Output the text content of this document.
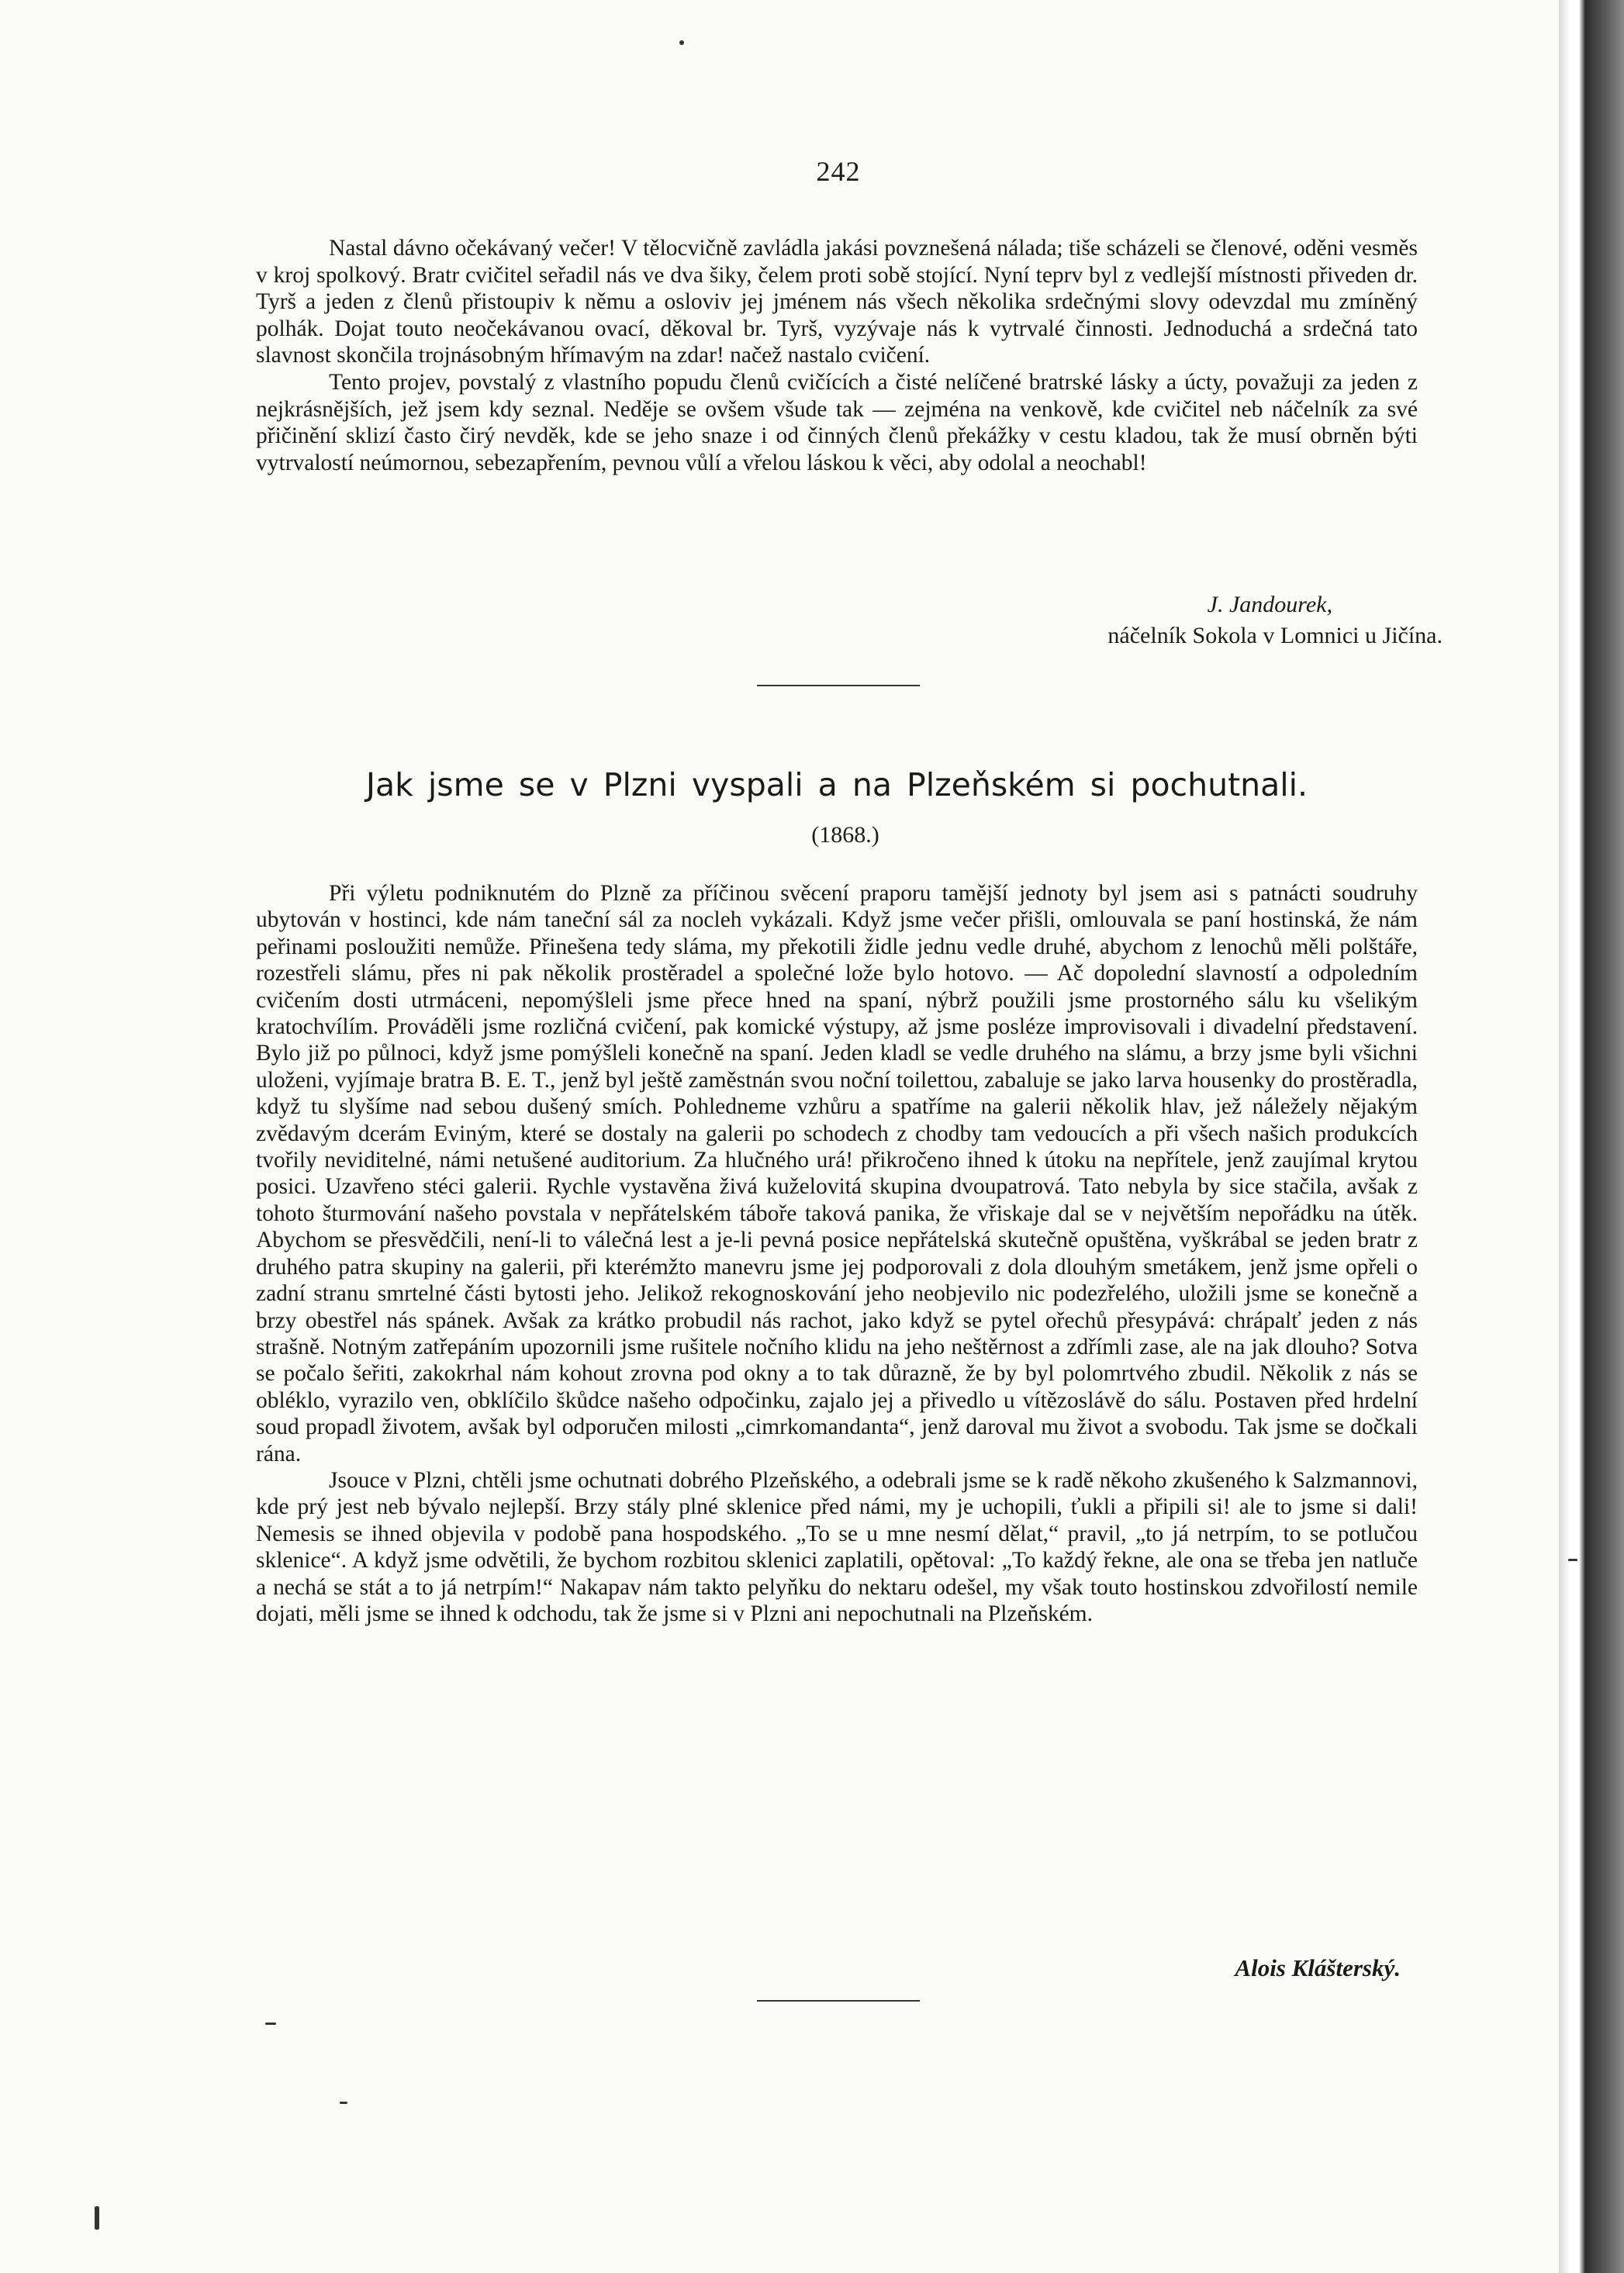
242

Nastal dávno očekávaný večer! V tělocvičně zavládla jakási povznešená nálada; tiše scházeli se členové, oděni vesměs v kroj spolkový. Bratr cvičitel seřadil nás ve dva šiky, čelem proti sobě stojící. Nyní teprv byl z vedlejší místnosti přiveden dr. Tyrš a jeden z členů přistoupiv k němu a osloviv jej jménem nás všech několika srdečnými slovy odevzdal mu zmíněný polhák. Dojat touto neočekávanou ovací, děkoval br. Tyrš, vyzývaje nás k vytrvalé činnosti. Jednoduchá a srdečná tato slavnost skončila trojnásobným hřímavým na zdar! načež nastalo cvičení.

Tento projev, povstalý z vlastního popudu členů cvičících a čisté nelíčené bratrské lásky a úcty, považuji za jeden z nejkrásnějších, jež jsem kdy seznal. Neděje se ovšem všude tak — zejména na venkově, kde cvičitel neb náčelník za své přičinění sklizí často čirý nevděk, kde se jeho snaze i od činných členů překážky v cestu kladou, tak že musí obrněn býti vytrvalostí neúmornou, sebezapřením, pevnou vůlí a vřelou láskou k věci, aby odolal a neochabl!

J. Jandourek,
náčelník Sokola v Lomnici u Jičína.
Jak jsme se v Plzni vyspali a na Plzeňském si pochutnali.
(1868.)

Při výletu podniknutém do Plzně za příčinou svěcení praporu tamější jednoty byl jsem asi s patnácti soudruhy ubytován v hostinci, kde nám taneční sál za nocleh vykázali. Když jsme večer přišli, omlouvala se paní hostinská, že nám peřinami posloužiti nemůže. Přinešena tedy sláma, my překotili židle jednu vedle druhé, abychom z lenochů měli polštáře, rozestřeli slámu, přes ni pak několik prostěradel a společné lože bylo hotovo. — Ač dopolední slavností a odpoledním cvičením dosti utrmáceni, nepomýšleli jsme přece hned na spaní, nýbrž použili jsme prostorného sálu ku všelikým kratochvílím. Prováděli jsme rozličná cvičení, pak komické výstupy, až jsme posléze improvisovali i divadelní představení. Bylo již po půlnoci, když jsme pomýšleli konečně na spaní. Jeden kladl se vedle druhého na slámu, a brzy jsme byli všichni uloženi, vyjímaje bratra B. E. T., jenž byl ještě zaměstnán svou noční toilettou, zabaluje se jako larva housenky do prostěradla, když tu slyšíme nad sebou dušený smích. Pohledneme vzhůru a spatříme na galerii několik hlav, jež náležely nějakým zvědavým dcerám Eviným, které se dostaly na galerii po schodech z chodby tam vedoucích a při všech našich produkcích tvořily neviditelné, námi netušené auditorium. Za hlučného urá! přikročeno ihned k útoku na nepřítele, jenž zaujímal krytou posici. Uzavřeno stéci galerii. Rychle vystavěna živá kuželovitá skupina dvoupatrová. Tato nebyla by sice stačila, avšak z tohoto šturmování našeho povstala v nepřátelském táboře taková panika, že vřiskaje dal se v největším nepořádku na útěk. Abychom se přesvědčili, není-li to válečná lest a je-li pevná posice nepřátelská skutečně opuštěna, vyškrábal se jeden bratr z druhého patra skupiny na galerii, při kterémžto manevru jsme jej podporovali z dola dlouhým smetákem, jenž jsme opřeli o zadní stranu smrtelné části bytosti jeho. Jelikož rekognoskování jeho neobjevilo nic podezřelého, uložili jsme se konečně a brzy obestřel nás spánek. Avšak za krátko probudil nás rachot, jako když se pytel ořechů přesypává: chrápalť jeden z nás strašně. Notným zatřepáním upozornili jsme rušitele nočního klidu na jeho neštěrnost a zdřímli zase, ale na jak dlouho? Sotva se počalo šeřiti, zakokrhal nám kohout zrovna pod okny a to tak důrazně, že by byl polomrtvého zbudil. Několik z nás se obléklo, vyrazilo ven, obklíčilo škůdce našeho odpočinku, zajalo jej a přivedlo u vítězoslávě do sálu. Postaven před hrdelní soud propadl životem, avšak byl odporučen milosti „cimrkomandanta“, jenž daroval mu život a svobodu. Tak jsme se dočkali rána.

Jsouce v Plzni, chtěli jsme ochutnati dobrého Plzeňského, a odebrali jsme se k radě někoho zkušeného k Salzmannovi, kde prý jest neb bývalo nejlepší. Brzy stály plné sklenice před námi, my je uchopili, ťukli a připili si! ale to jsme si dali! Nemesis se ihned objevila v podobě pana hospodského. „To se u mne nesmí dělat,“ pravil, „to já netrpím, to se potlučou sklenice“. A když jsme odvětili, že bychom rozbitou sklenici zaplatili, opětoval: „To každý řekne, ale ona se třeba jen natluče a nechá se stát a to já netrpím!“ Nakapav nám takto pelyňku do nektaru odešel, my však touto hostinskou zdvořilostí nemile dojati, měli jsme se ihned k odchodu, tak že jsme si v Plzni ani nepochutnali na Plzeňském.

Alois Klášterský.
